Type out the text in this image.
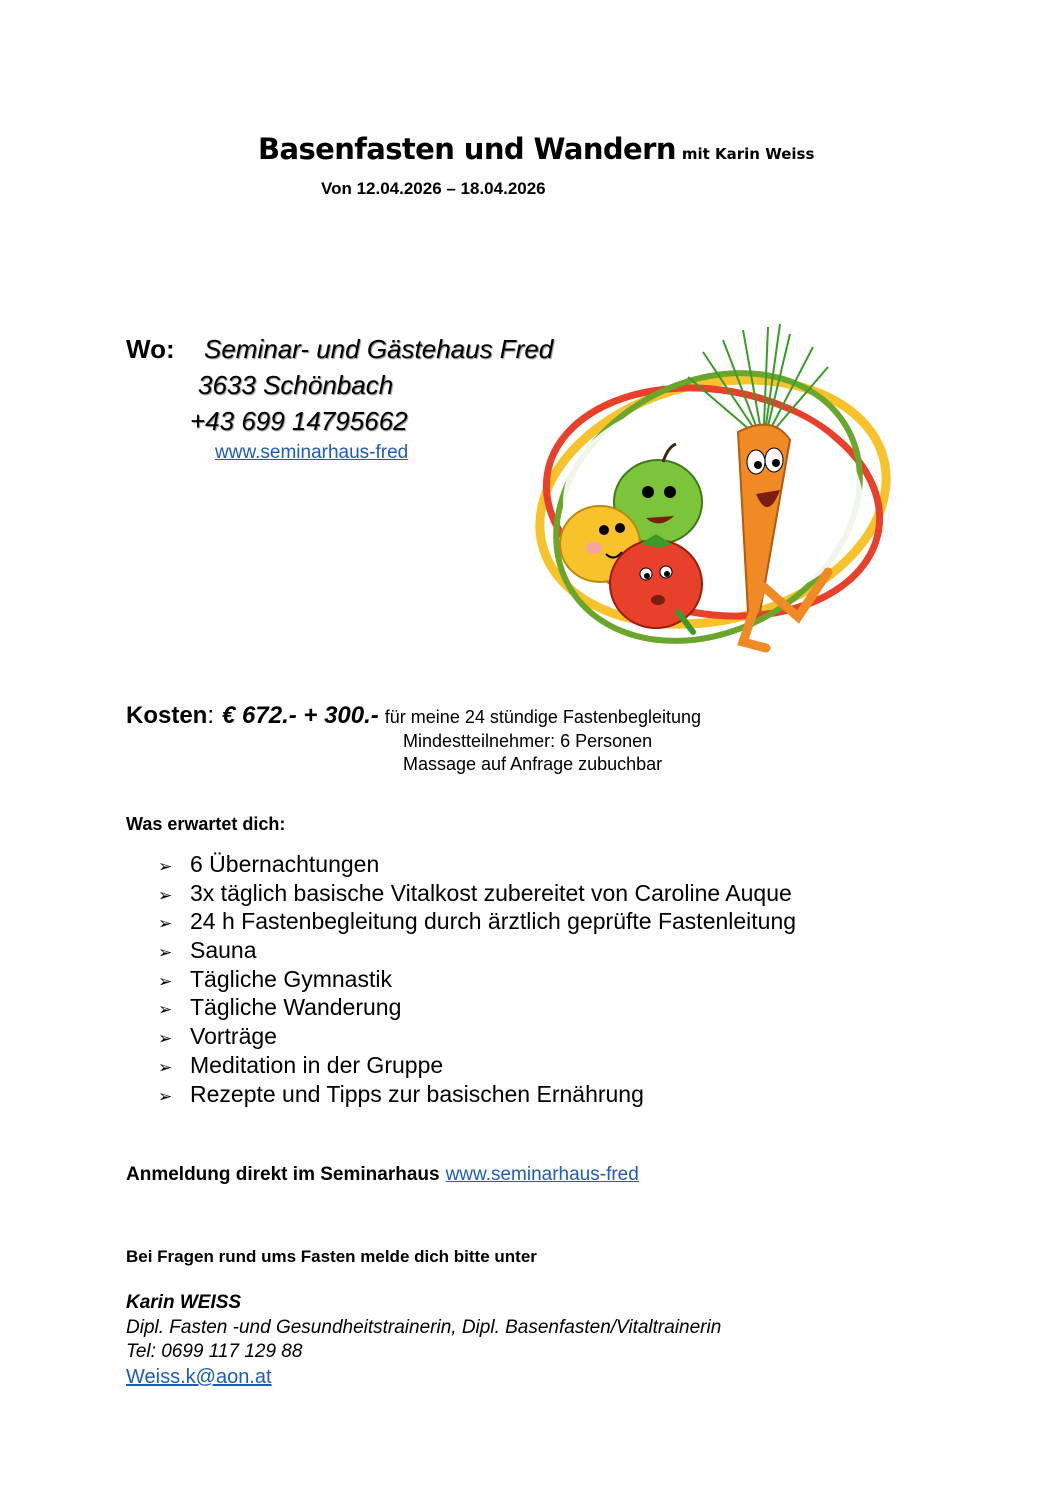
Basenfasten und Wandern mit Karin Weiss
Von 12.04.2026 – 18.04.2026
Wo: Seminar- und Gästehaus Fred
3633 Schönbach
+43 699 14795662
www.seminarhaus-fred
Kosten: € 672.- + 300.- für meine 24 stündige Fastenbegleitung
Mindestteilnehmer: 6 Personen
Massage auf Anfrage zubuchbar
Was erwartet dich:
➢ 6 Übernachtungen
➢ 3x täglich basische Vitalkost zubereitet von Caroline Auque
➢ 24 h Fastenbegleitung durch ärztlich geprüfte Fastenleitung
➢ Sauna
➢ Tägliche Gymnastik
➢ Tägliche Wanderung
➢ Vorträge
➢ Meditation in der Gruppe
➢ Rezepte und Tipps zur basischen Ernährung
Anmeldung direkt im Seminarhaus www.seminarhaus-fred
Bei Fragen rund ums Fasten melde dich bitte unter
Karin WEISS
Dipl. Fasten -und Gesundheitstrainerin, Dipl. Basenfasten/Vitaltrainerin
Tel: 0699 117 129 88
Weiss.k@aon.at
